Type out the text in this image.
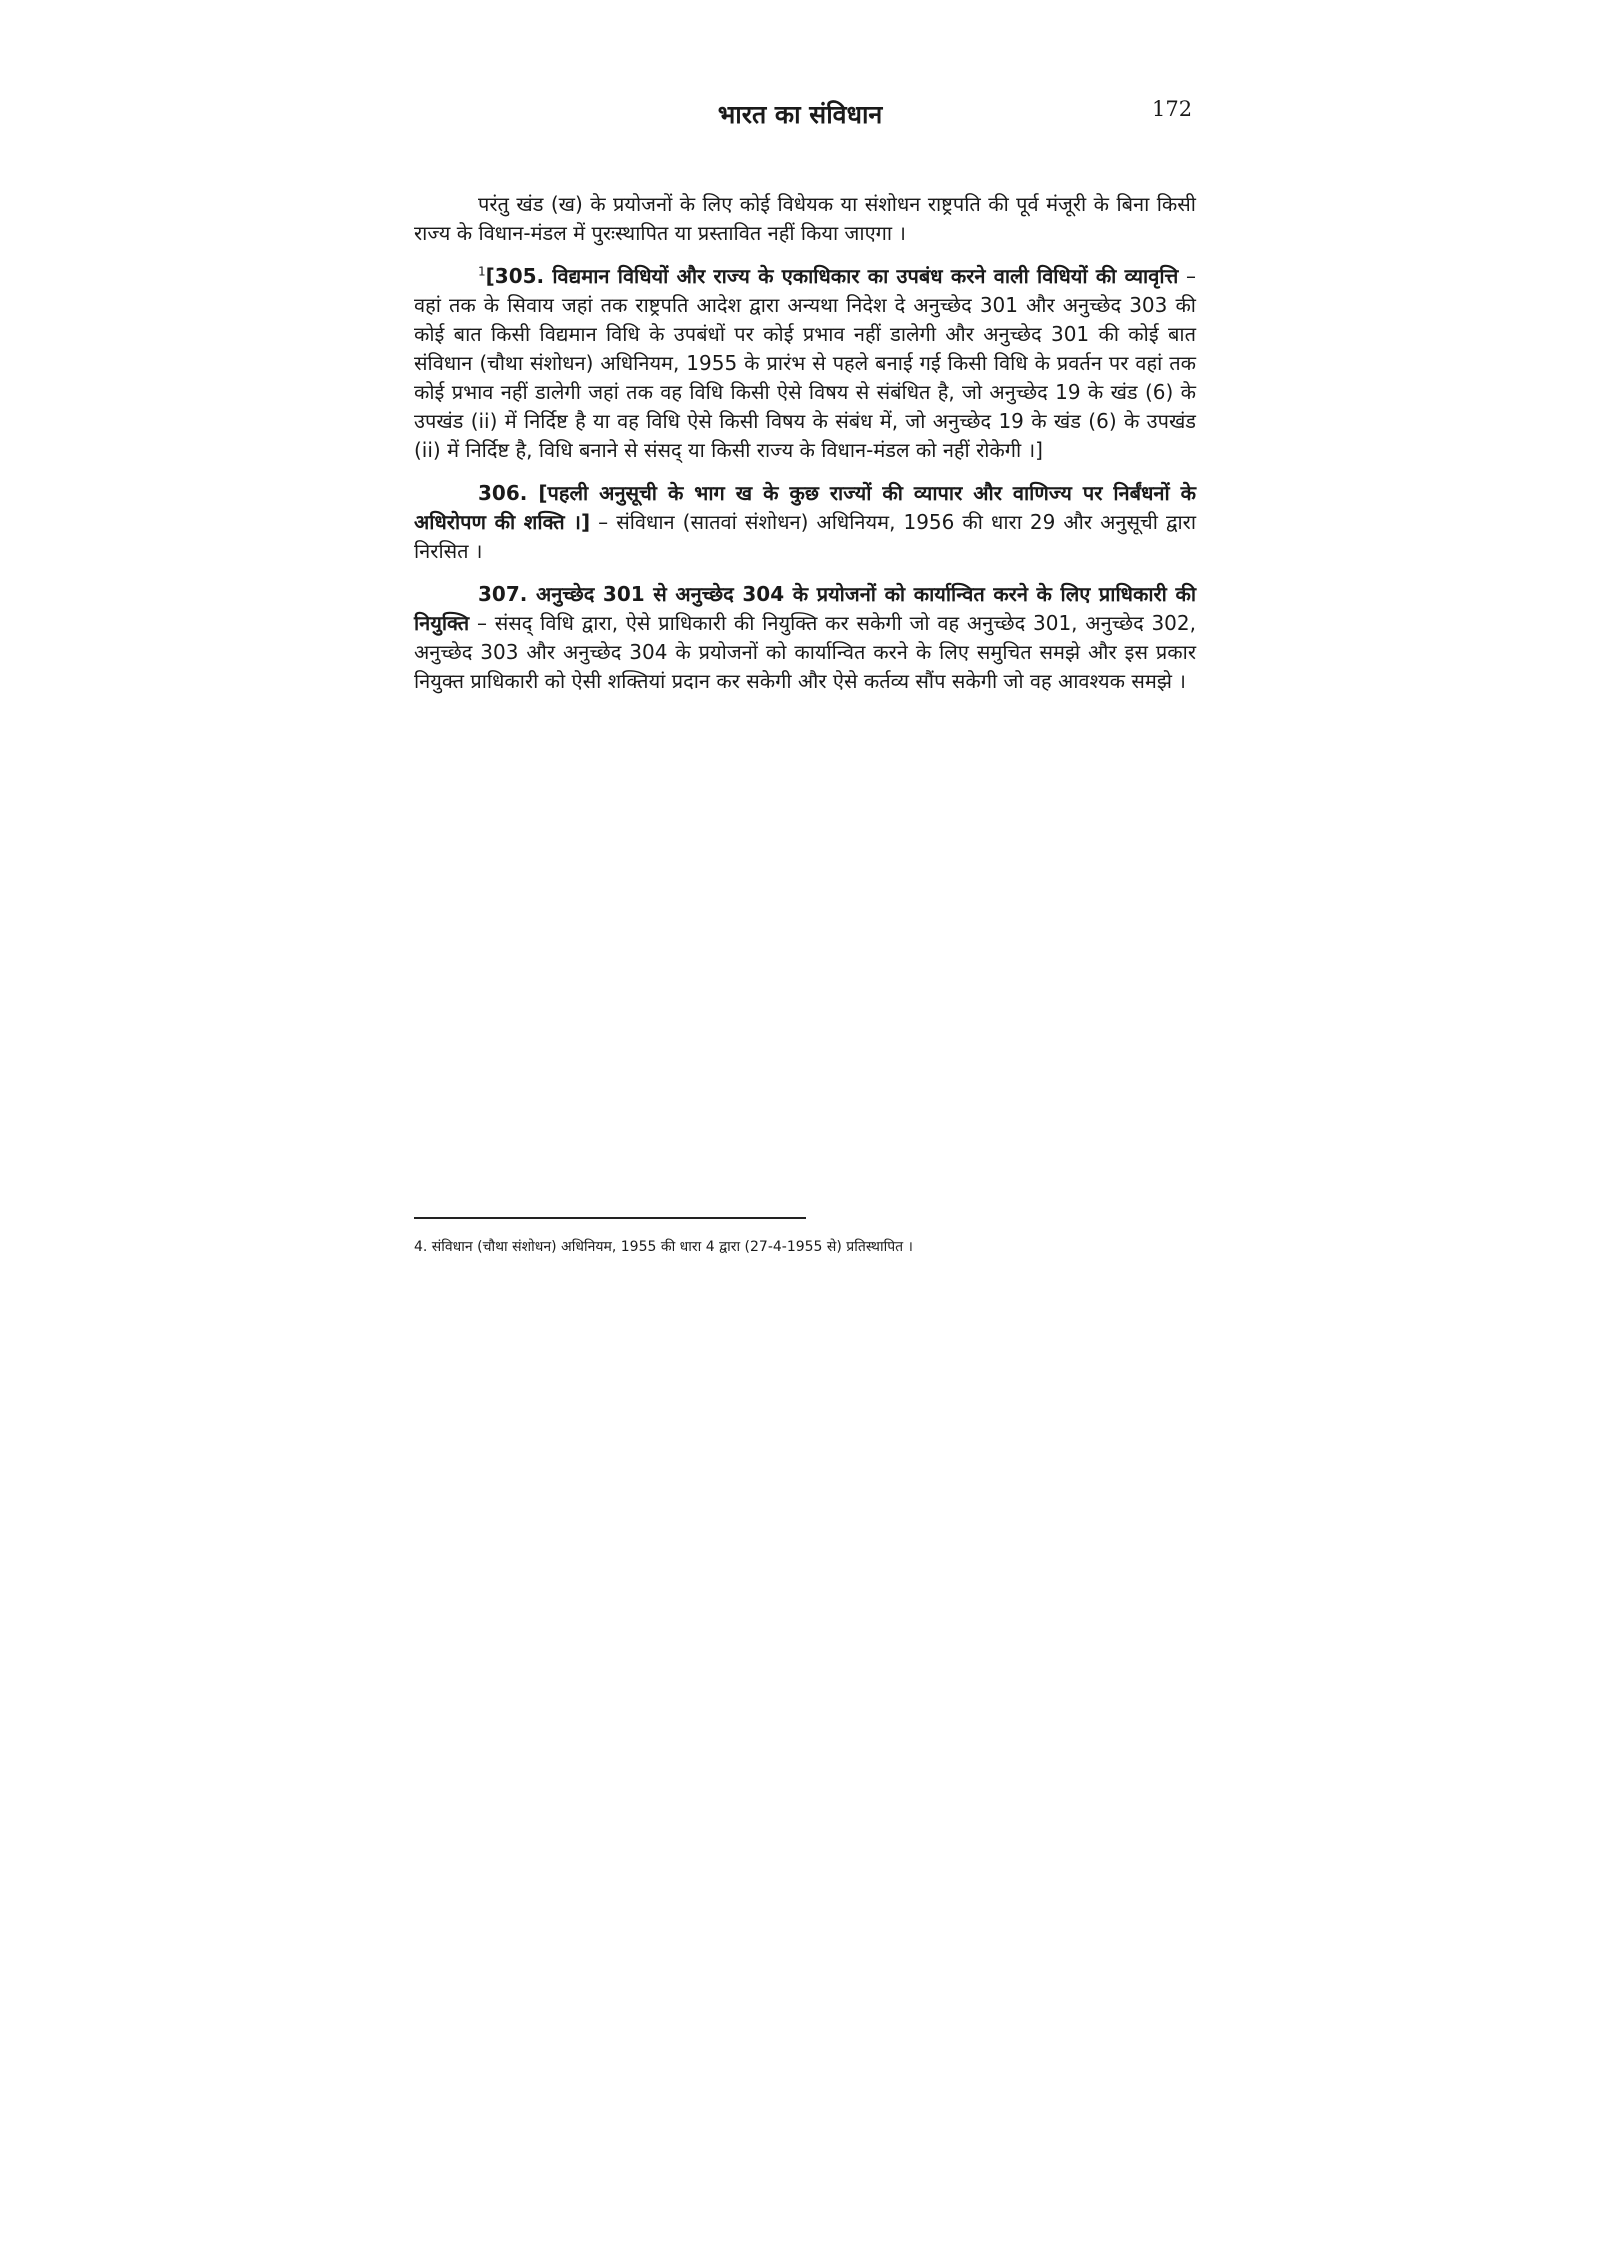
भारत का संविधान	172

परंतु खंड (ख) के प्रयोजनों के लिए कोई विधेयक या संशोधन राष्ट्रपति की पूर्व मंजूरी के बिना किसी राज्य के विधान-मंडल में पुरःस्थापित या प्रस्तावित नहीं किया जाएगा ।

$^1$[305. विद्यमान विधियों और राज्य के एकाधिकार का उपबंध करने वाली विधियों की व्यावृत्ति – वहां तक के सिवाय जहां तक राष्ट्रपति आदेश द्वारा अन्यथा निदेश दे अनुच्छेद 301 और अनुच्छेद 303 की कोई बात किसी विद्यमान विधि के उपबंधों पर कोई प्रभाव नहीं डालेगी और अनुच्छेद 301 की कोई बात संविधान (चौथा संशोधन) अधिनियम, 1955 के प्रारंभ से पहले बनाई गई किसी विधि के प्रवर्तन पर वहां तक कोई प्रभाव नहीं डालेगी जहां तक वह विधि किसी ऐसे विषय से संबंधित है, जो अनुच्छेद 19 के खंड (6) के उपखंड (ii) में निर्दिष्ट है या वह विधि ऐसे किसी विषय के संबंध में, जो अनुच्छेद 19 के खंड (6) के उपखंड (ii) में निर्दिष्ट है, विधि बनाने से संसद् या किसी राज्य के विधान-मंडल को नहीं रोकेगी ।]

306. [पहली अनुसूची के भाग ख के कुछ राज्यों की व्यापार और वाणिज्य पर निर्बंधनों के अधिरोपण की शक्ति ।] – संविधान (सातवां संशोधन) अधिनियम, 1956 की धारा 29 और अनुसूची द्वारा निरसित ।

307. अनुच्छेद 301 से अनुच्छेद 304 के प्रयोजनों को कार्यान्वित करने के लिए प्राधिकारी की नियुक्ति – संसद् विधि द्वारा, ऐसे प्राधिकारी की नियुक्ति कर सकेगी जो वह अनुच्छेद 301, अनुच्छेद 302, अनुच्छेद 303 और अनुच्छेद 304 के प्रयोजनों को कार्यान्वित करने के लिए समुचित समझे और इस प्रकार नियुक्त प्राधिकारी को ऐसी शक्तियां प्रदान कर सकेगी और ऐसे कर्तव्य सौंप सकेगी जो वह आवश्यक समझे ।

4. संविधान (चौथा संशोधन) अधिनियम, 1955 की धारा 4 द्वारा (27-4-1955 से) प्रतिस्थापित ।
